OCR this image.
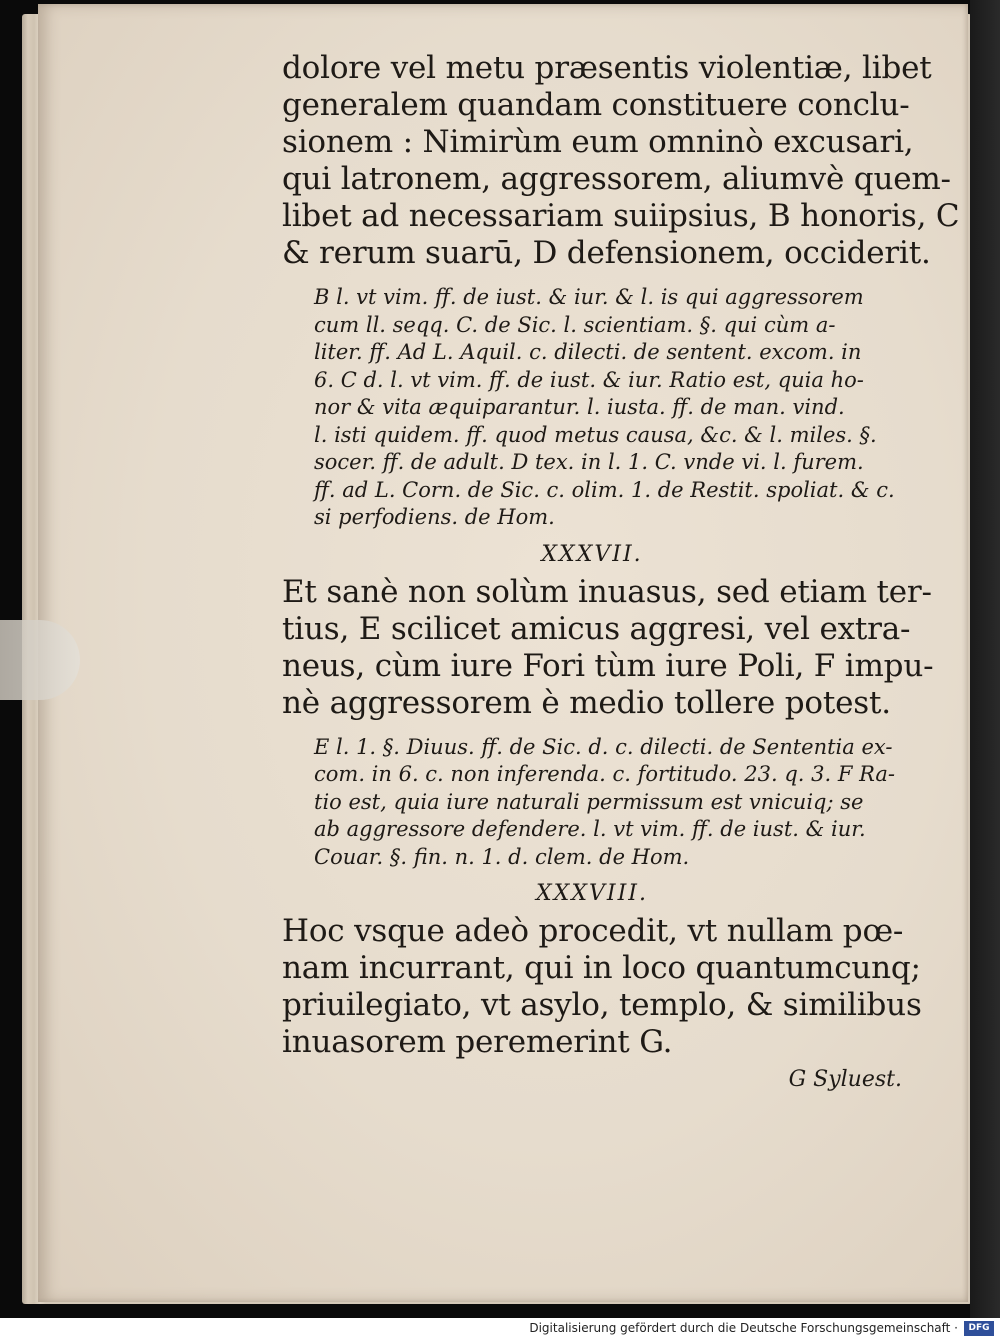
dolore vel metu præsentis violentiæ, libet
generalem quandam constituere conclu-
sionem : Nimirùm eum omninò excusari,
qui latronem, aggressorem, aliumvè quem-
libet ad necessariam suiipsius, B honoris, C
& rerum suarū, D defensionem, occiderit.
B l. vt vim. ff. de iust. & iur. & l. is qui aggressorem
cum ll. seqq. C. de Sic. l. scientiam. §. qui cùm a-
liter. ff. Ad L. Aquil. c. dilecti. de sentent. excom. in
6. C d. l. vt vim. ff. de iust. & iur. Ratio est, quia ho-
nor & vita æquiparantur. l. iusta. ff. de man. vind.
l. isti quidem. ff. quod metus causa, &c. & l. miles. §.
socer. ff. de adult. D tex. in l. 1. C. vnde vi. l. furem.
ff. ad L. Corn. de Sic. c. olim. 1. de Restit. spoliat. & c.
si perfodiens. de Hom.
XXXVII.
Et sanè non solùm inuasus, sed etiam ter-
tius, E scilicet amicus aggresi, vel extra-
neus, cùm iure Fori tùm iure Poli, F impu-
nè aggressorem è medio tollere potest.
E l. 1. §. Diuus. ff. de Sic. d. c. dilecti. de Sententia ex-
com. in 6. c. non inferenda. c. fortitudo. 23. q. 3. F Ra-
tio est, quia iure naturali permissum est vnicuiq; se
ab aggressore defendere. l. vt vim. ff. de iust. & iur.
Couar. §. fin. n. 1. d. clem. de Hom.
XXXVIII.
Hoc vsque adeò procedit, vt nullam pœ-
nam incurrant, qui in loco quantumcunq;
priuilegiato, vt asylo, templo, & similibus
inuasorem peremerint G.
G Syluest.
Digitalisierung gefördert durch die Deutsche Forschungsgemeinschaft ·	DFG
